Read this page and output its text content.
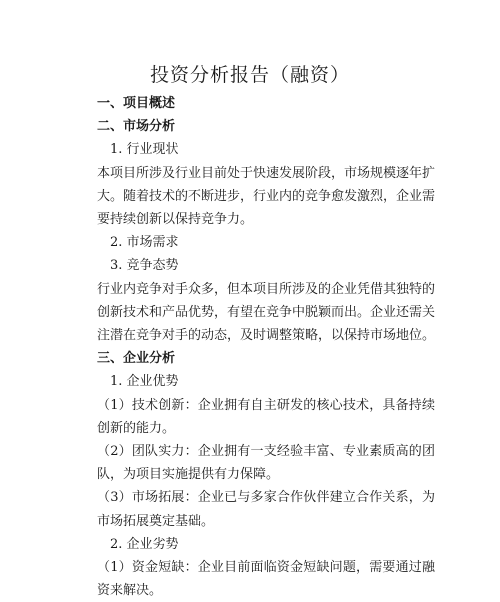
投资分析报告（融资）
一、项目概述
二、市场分析
1. 行业现状
本项目所涉及行业目前处于快速发展阶段，市场规模逐年扩大。随着技术的不断进步，行业内的竞争愈发激烈，企业需要持续创新以保持竞争力。
2. 市场需求
3. 竞争态势
行业内竞争对手众多，但本项目所涉及的企业凭借其独特的创新技术和产品优势，有望在竞争中脱颖而出。企业还需关注潜在竞争对手的动态，及时调整策略，以保持市场地位。
三、企业分析
1. 企业优势
（1）技术创新：企业拥有自主研发的核心技术，具备持续创新的能力。
（2）团队实力：企业拥有一支经验丰富、专业素质高的团队，为项目实施提供有力保障。
（3）市场拓展：企业已与多家合作伙伴建立合作关系，为市场拓展奠定基础。
2. 企业劣势
（1）资金短缺：企业目前面临资金短缺问题，需要通过融资来解决。
